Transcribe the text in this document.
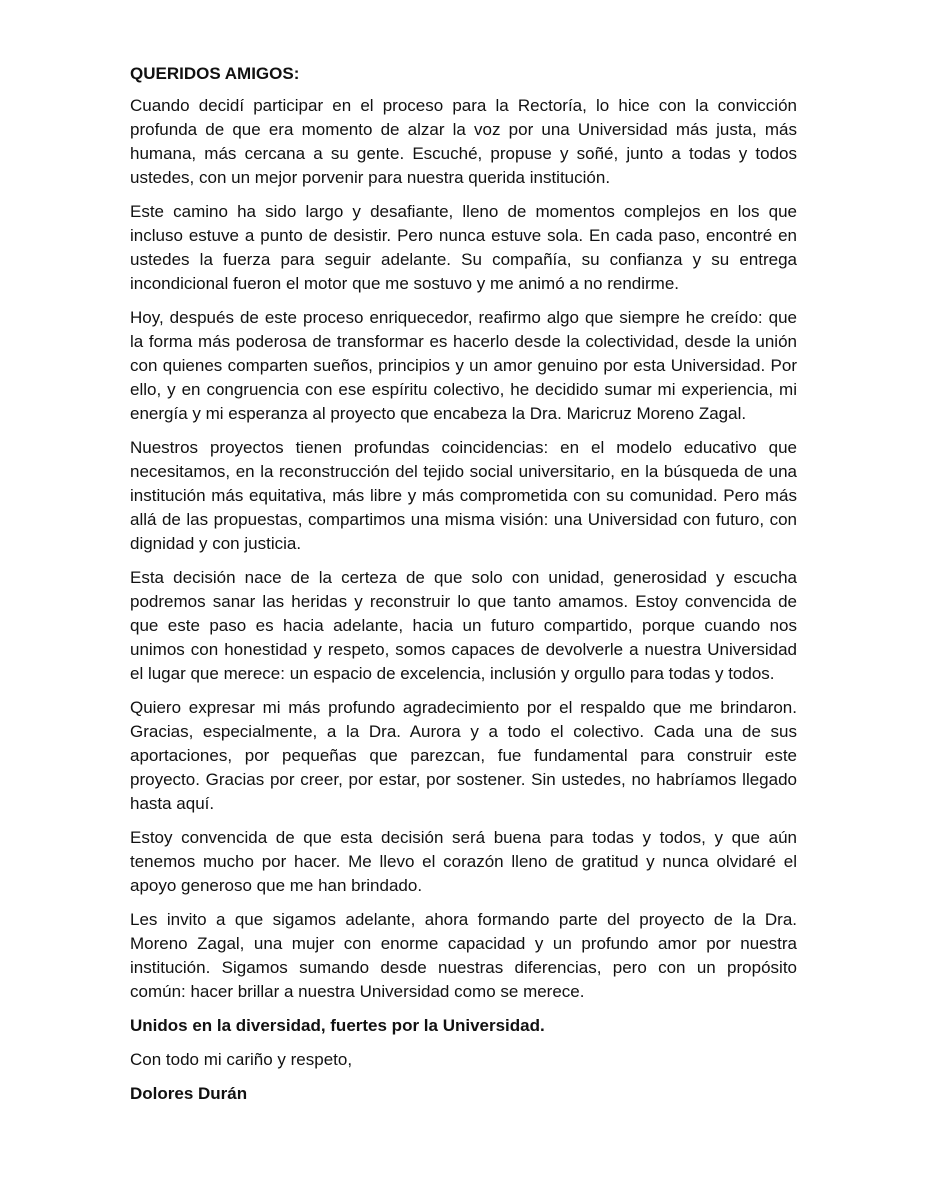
QUERIDOS AMIGOS:

Cuando decidí participar en el proceso para la Rectoría, lo hice con la convicción profunda de que era momento de alzar la voz por una Universidad más justa, más humana, más cercana a su gente. Escuché, propuse y soñé, junto a todas y todos ustedes, con un mejor porvenir para nuestra querida institución.

Este camino ha sido largo y desafiante, lleno de momentos complejos en los que incluso estuve a punto de desistir. Pero nunca estuve sola. En cada paso, encontré en ustedes la fuerza para seguir adelante. Su compañía, su confianza y su entrega incondicional fueron el motor que me sostuvo y me animó a no rendirme.

Hoy, después de este proceso enriquecedor, reafirmo algo que siempre he creído: que la forma más poderosa de transformar es hacerlo desde la colectividad, desde la unión con quienes comparten sueños, principios y un amor genuino por esta Universidad. Por ello, y en congruencia con ese espíritu colectivo, he decidido sumar mi experiencia, mi energía y mi esperanza al proyecto que encabeza la Dra. Maricruz Moreno Zagal.

Nuestros proyectos tienen profundas coincidencias: en el modelo educativo que necesitamos, en la reconstrucción del tejido social universitario, en la búsqueda de una institución más equitativa, más libre y más comprometida con su comunidad. Pero más allá de las propuestas, compartimos una misma visión: una Universidad con futuro, con dignidad y con justicia.

Esta decisión nace de la certeza de que solo con unidad, generosidad y escucha podremos sanar las heridas y reconstruir lo que tanto amamos. Estoy convencida de que este paso es hacia adelante, hacia un futuro compartido, porque cuando nos unimos con honestidad y respeto, somos capaces de devolverle a nuestra Universidad el lugar que merece: un espacio de excelencia, inclusión y orgullo para todas y todos.

Quiero expresar mi más profundo agradecimiento por el respaldo que me brindaron. Gracias, especialmente, a la Dra. Aurora y a todo el colectivo. Cada una de sus aportaciones, por pequeñas que parezcan, fue fundamental para construir este proyecto. Gracias por creer, por estar, por sostener. Sin ustedes, no habríamos llegado hasta aquí.

Estoy convencida de que esta decisión será buena para todas y todos, y que aún tenemos mucho por hacer. Me llevo el corazón lleno de gratitud y nunca olvidaré el apoyo generoso que me han brindado.

Les invito a que sigamos adelante, ahora formando parte del proyecto de la Dra. Moreno Zagal, una mujer con enorme capacidad y un profundo amor por nuestra institución. Sigamos sumando desde nuestras diferencias, pero con un propósito común: hacer brillar a nuestra Universidad como se merece.

Unidos en la diversidad, fuertes por la Universidad.

Con todo mi cariño y respeto,

Dolores Durán
